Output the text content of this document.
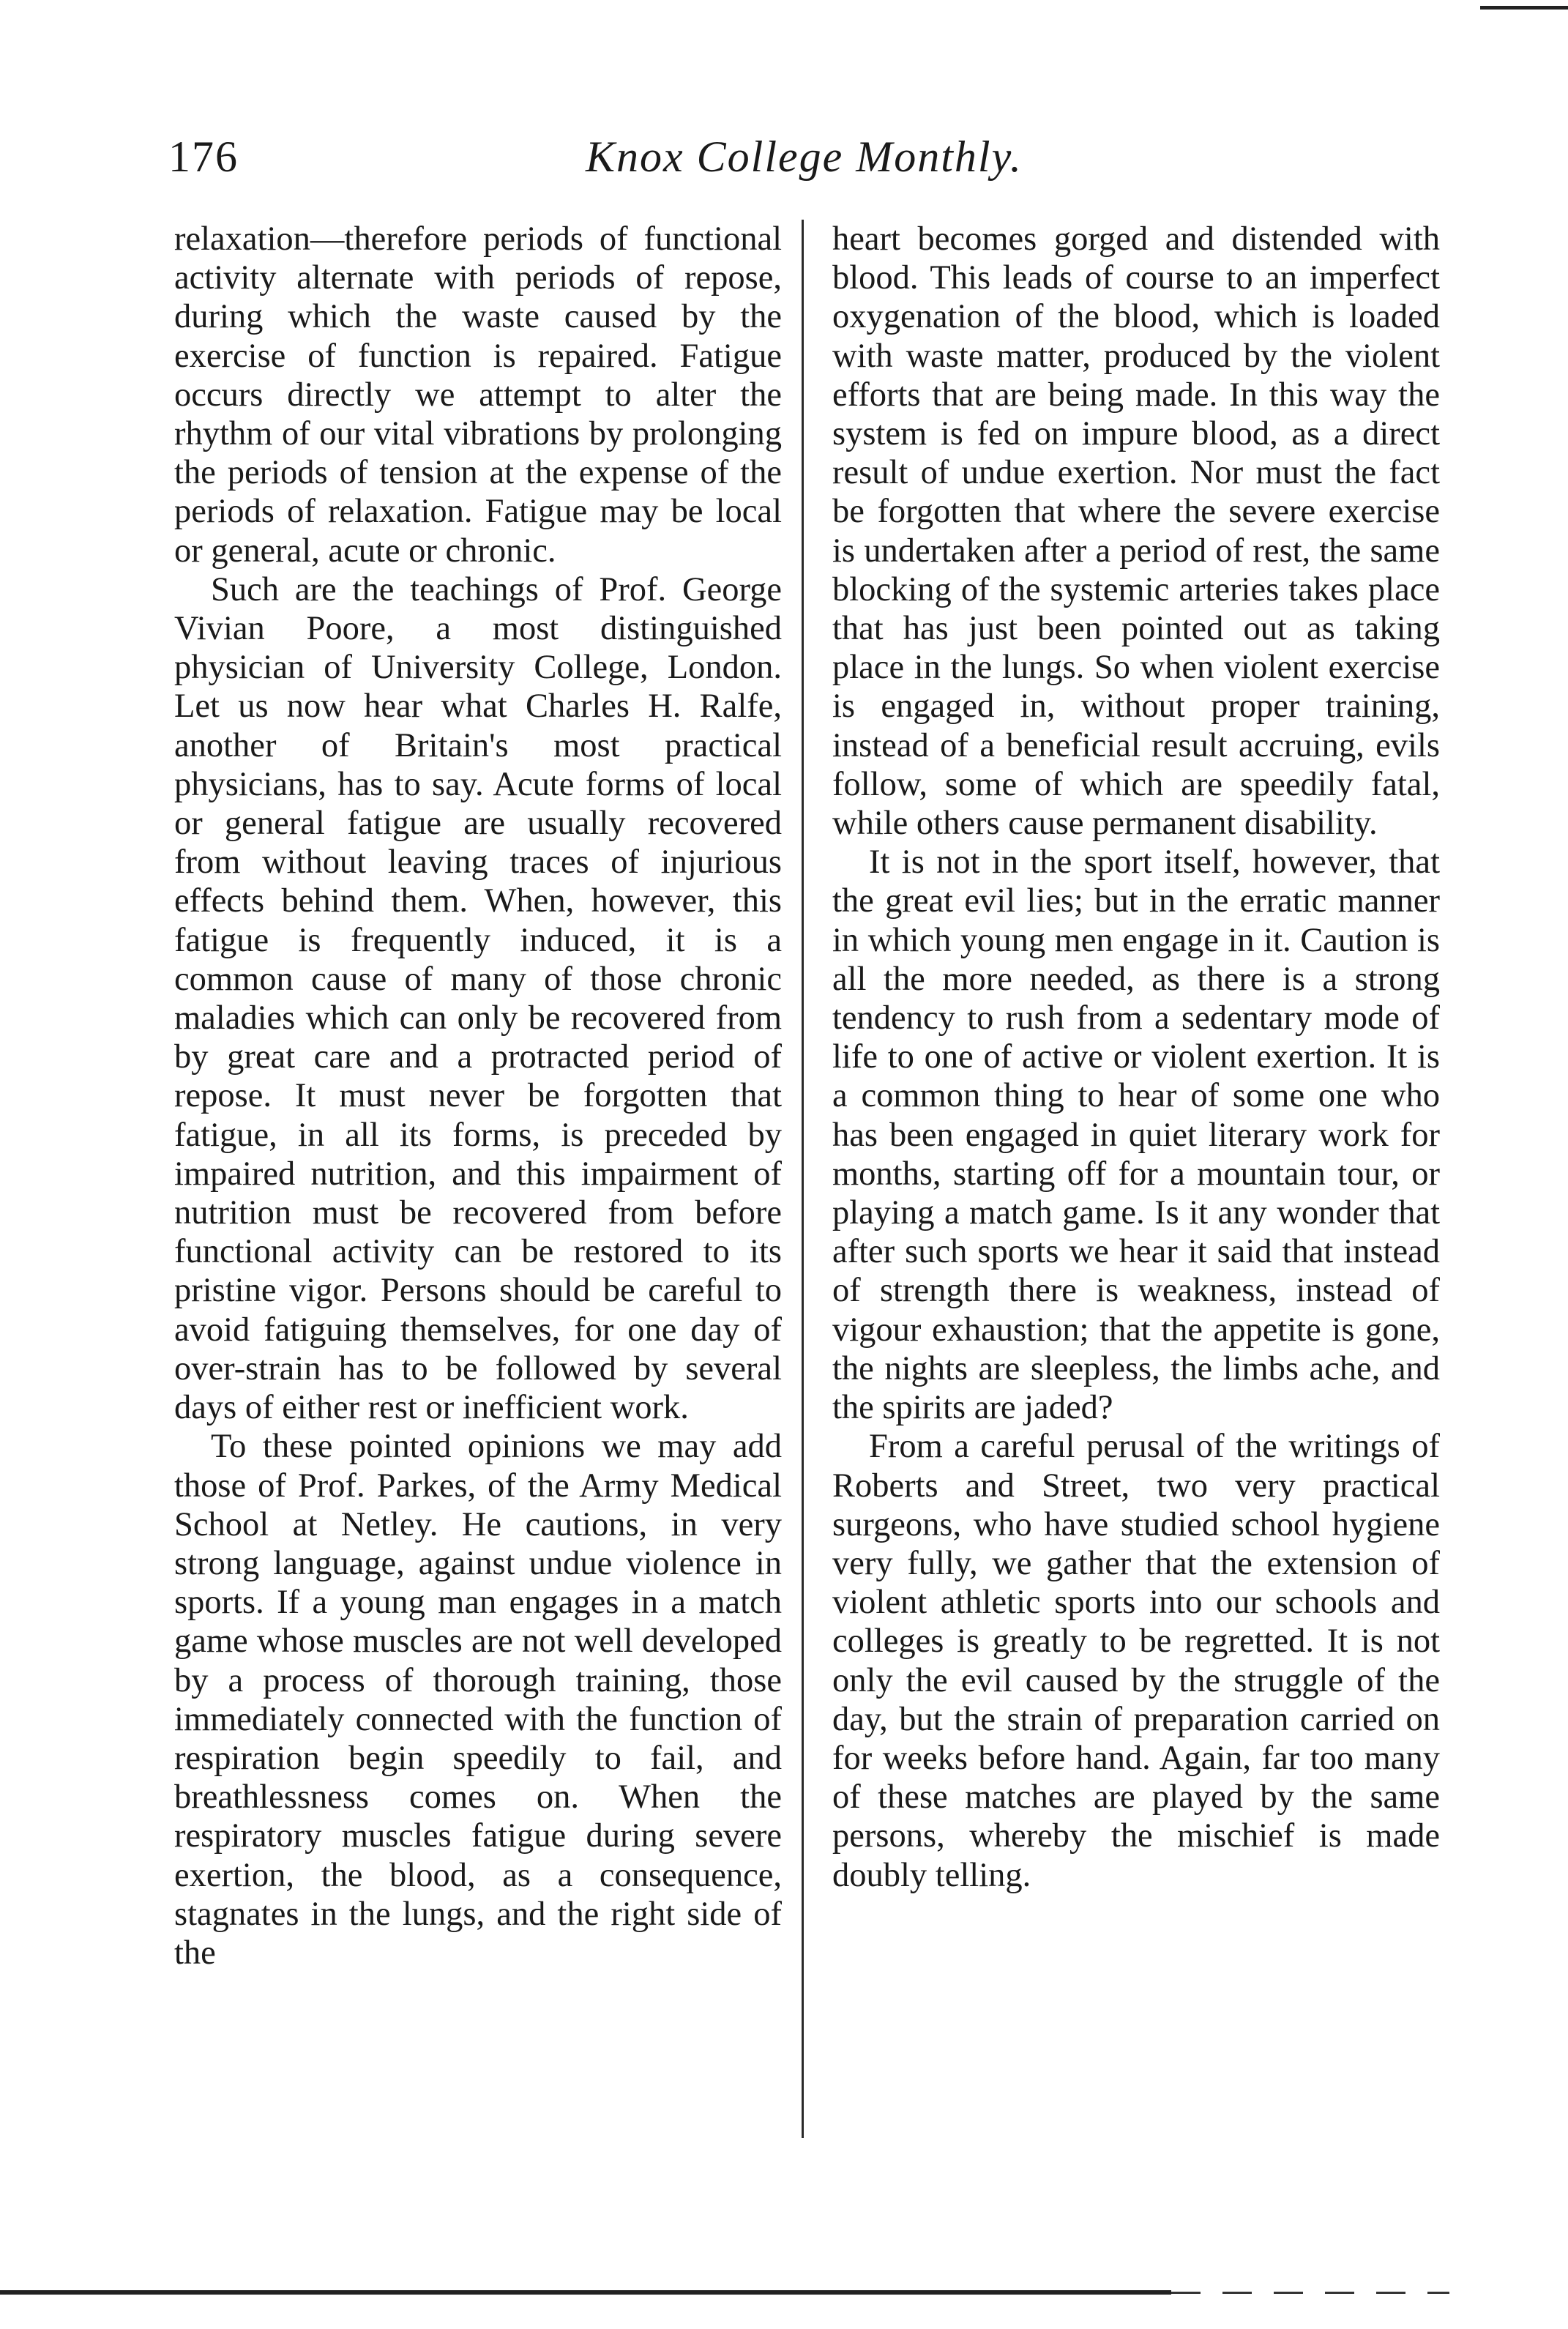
176	Knox College Monthly.

relaxation—therefore periods of functional activity alternate with periods of repose, during which the waste caused by the exercise of function is repaired. Fatigue occurs directly we attempt to alter the rhythm of our vital vibrations by prolonging the periods of tension at the expense of the periods of relaxation. Fatigue may be local or general, acute or chronic.

Such are the teachings of Prof. George Vivian Poore, a most distinguished physician of University College, London. Let us now hear what Charles H. Ralfe, another of Britain's most practical physicians, has to say. Acute forms of local or general fatigue are usually recovered from without leaving traces of injurious effects behind them. When, however, this fatigue is frequently induced, it is a common cause of many of those chronic maladies which can only be recovered from by great care and a protracted period of repose. It must never be forgotten that fatigue, in all its forms, is preceded by impaired nutrition, and this impairment of nutrition must be recovered from before functional activity can be restored to its pristine vigor. Persons should be careful to avoid fatiguing themselves, for one day of over-strain has to be followed by several days of either rest or inefficient work.

To these pointed opinions we may add those of Prof. Parkes, of the Army Medical School at Netley. He cautions, in very strong language, against undue violence in sports. If a young man engages in a match game whose muscles are not well developed by a process of thorough training, those immediately connected with the function of respiration begin speedily to fail, and breathlessness comes on. When the respiratory muscles fatigue during severe exertion, the blood, as a consequence, stagnates in the lungs, and the right side of the

heart becomes gorged and distended with blood. This leads of course to an imperfect oxygenation of the blood, which is loaded with waste matter, produced by the violent efforts that are being made. In this way the system is fed on impure blood, as a direct result of undue exertion. Nor must the fact be forgotten that where the severe exercise is undertaken after a period of rest, the same blocking of the systemic arteries takes place that has just been pointed out as taking place in the lungs. So when violent exercise is engaged in, without proper training, instead of a beneficial result accruing, evils follow, some of which are speedily fatal, while others cause permanent disability.

It is not in the sport itself, however, that the great evil lies; but in the erratic manner in which young men engage in it. Caution is all the more needed, as there is a strong tendency to rush from a sedentary mode of life to one of active or violent exertion. It is a common thing to hear of some one who has been engaged in quiet literary work for months, starting off for a mountain tour, or playing a match game. Is it any wonder that after such sports we hear it said that instead of strength there is weakness, instead of vigour exhaustion; that the appetite is gone, the nights are sleepless, the limbs ache, and the spirits are jaded?

From a careful perusal of the writings of Roberts and Street, two very practical surgeons, who have studied school hygiene very fully, we gather that the extension of violent athletic sports into our schools and colleges is greatly to be regretted. It is not only the evil caused by the struggle of the day, but the strain of preparation carried on for weeks before hand. Again, far too many of these matches are played by the same persons, whereby the mischief is made doubly telling.
